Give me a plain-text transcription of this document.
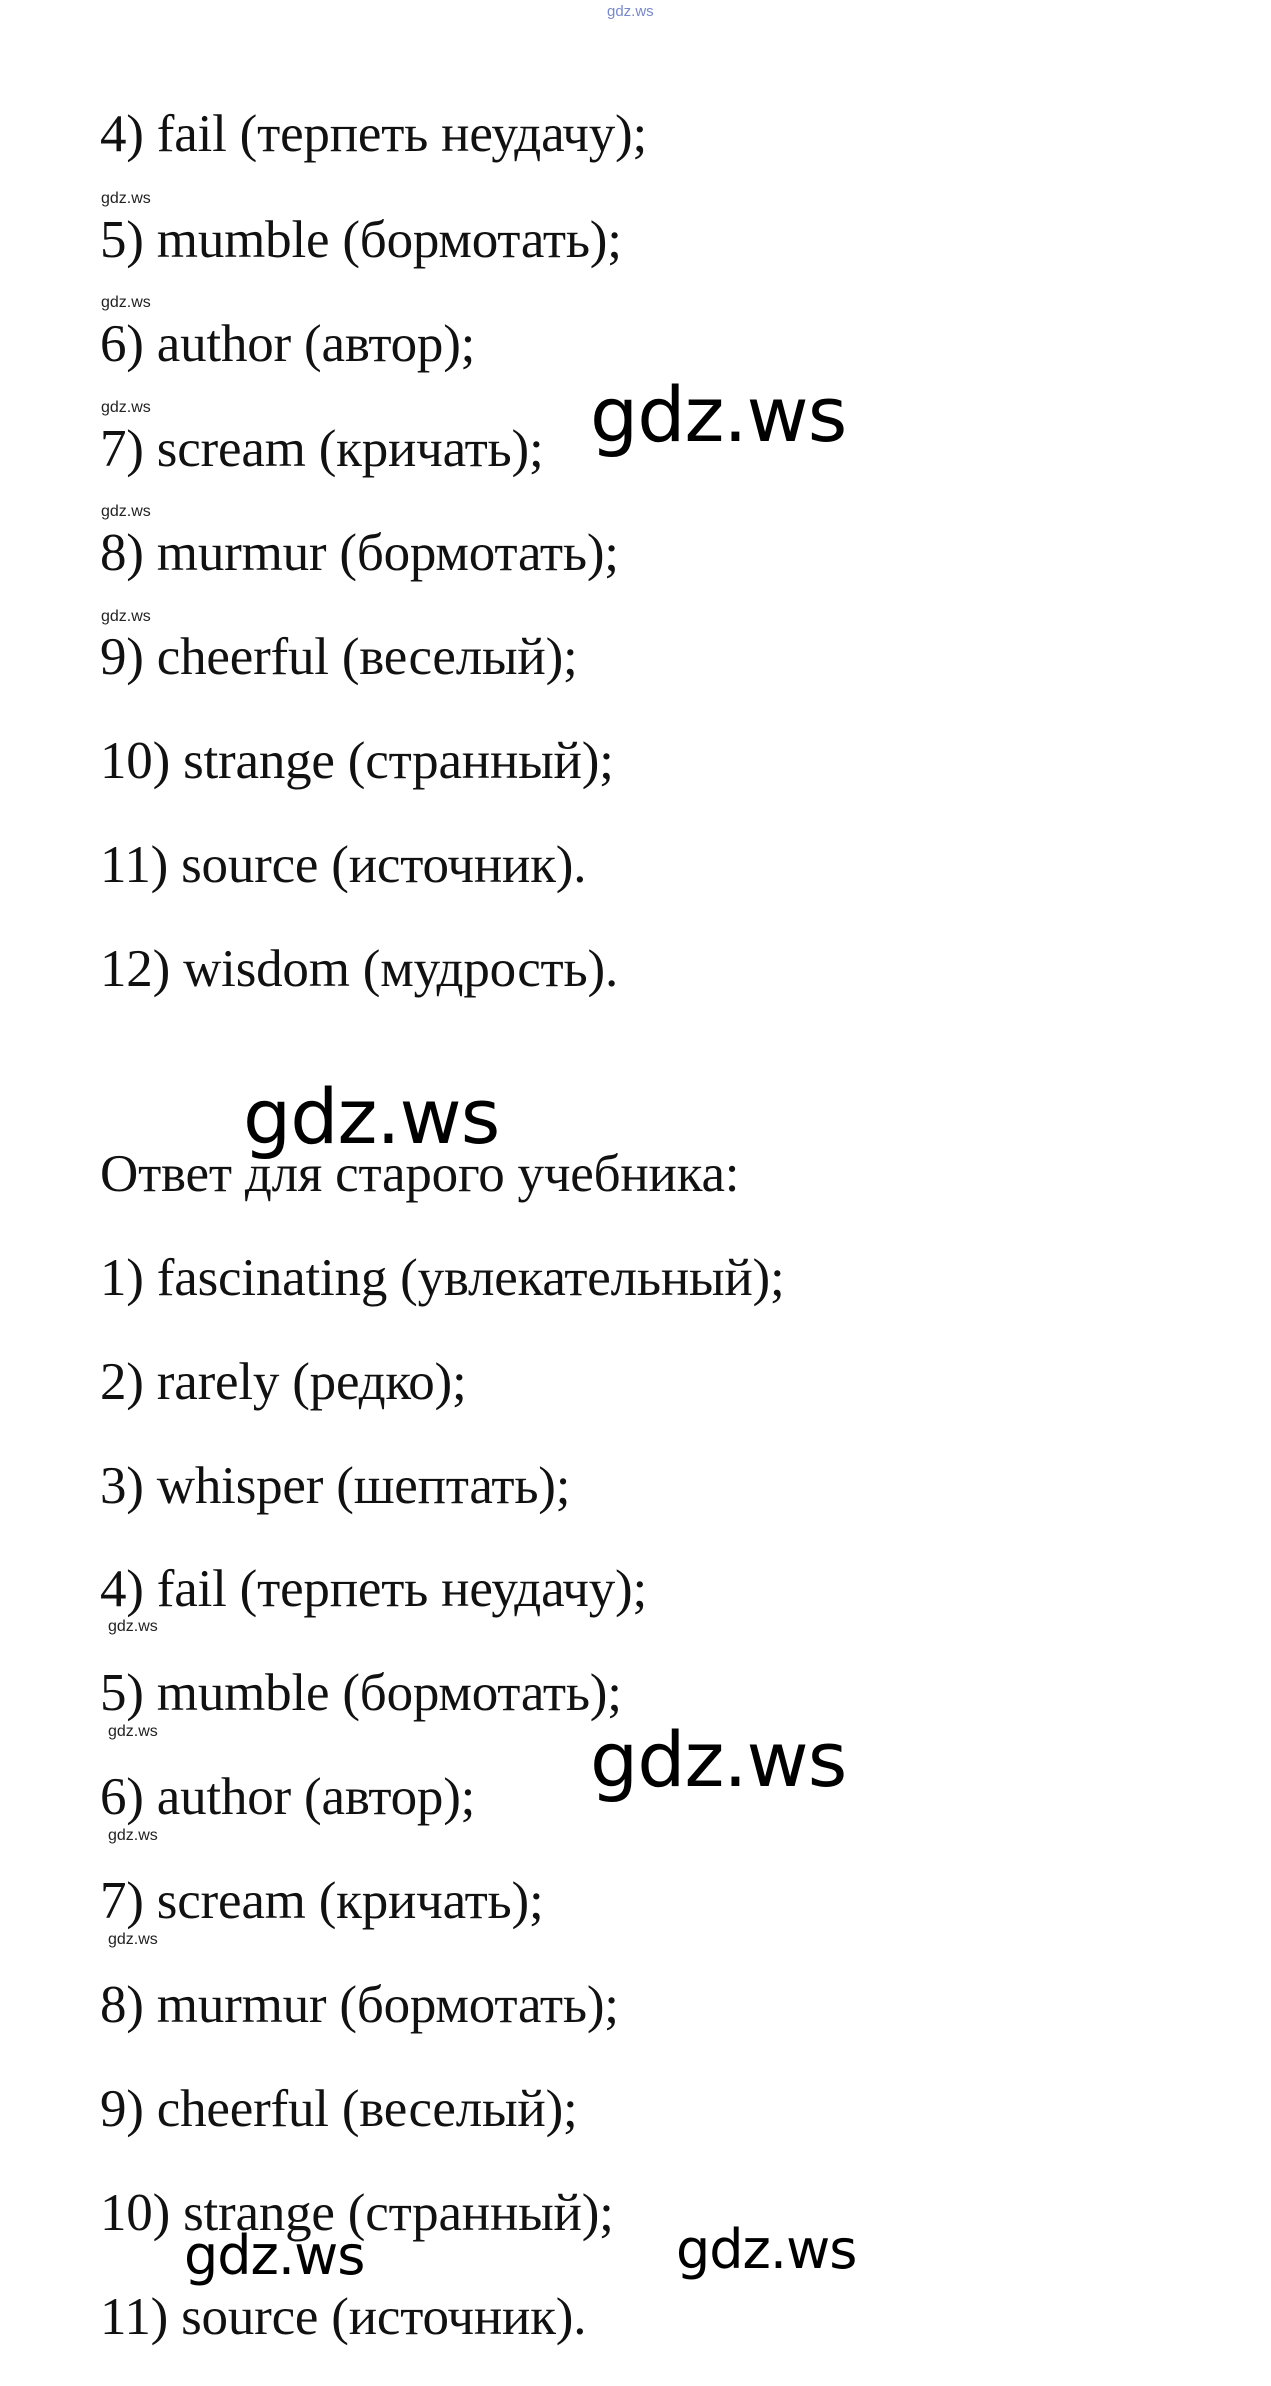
gdz.ws
4) fail (терпеть неудачу);
gdz.ws
5) mumble (бормотать);
gdz.ws
6) author (автор);
gdz.ws
7) scream (кричать);
gdz.ws
8) murmur (бормотать);
gdz.ws
9) cheerful (веселый);
10) strange (странный);
11) source (источник).
12) wisdom (мудрость).
gdz.ws
gdz.ws
Ответ для старого учебника:
1) fascinating (увлекательный);
2) rarely (редко);
3) whisper (шептать);
4) fail (терпеть неудачу);
gdz.ws
5) mumble (бормотать);
gdz.ws
6) author (автор);
gdz.ws
7) scream (кричать);
gdz.ws
8) murmur (бормотать);
9) cheerful (веселый);
10) strange (странный);
11) source (источник).
gdz.ws
gdz.ws	gdz.ws
